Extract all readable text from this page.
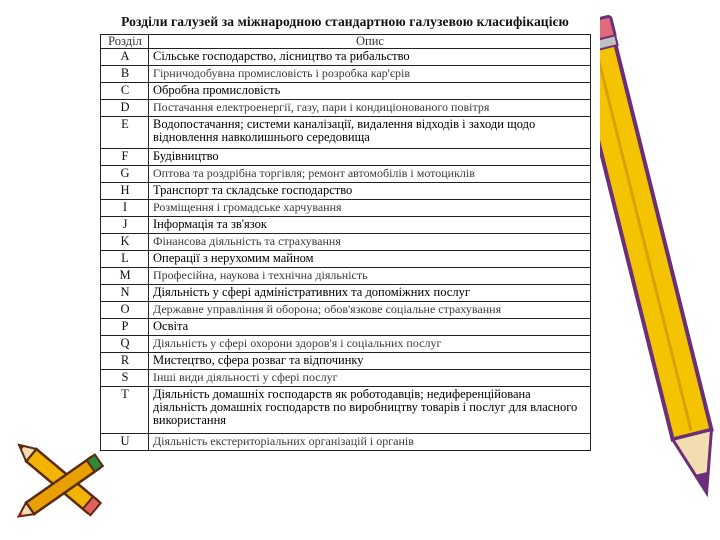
Розділи галузей за міжнародною стандартною галузевою класифікацією
Розділ	Опис
A	Сільське господарство, лісництво та рибальство
B	Гірничодобувна промисловість і розробка кар'єрів
C	Обробна промисловість
D	Постачання електроенергії, газу, пари і кондиціонованого повітря
E	Водопостачання; системи каналізації, видалення відходів і заходи щодо відновлення навколишнього середовища
F	Будівництво
G	Оптова та роздрібна торгівля; ремонт автомобілів і мотоциклів
H	Транспорт та складське господарство
I	Розміщення і громадське харчування
J	Інформація та зв'язок
K	Фінансова діяльність та страхування
L	Операції з нерухомим майном
M	Професійна, наукова і технічна діяльність
N	Діяльність у сфері адміністративних та допоміжних послуг
O	Державне управління й оборона; обов'язкове соціальне страхування
P	Освіта
Q	Діяльність у сфері охорони здоров'я і соціальних послуг
R	Мистецтво, сфера розваг та відпочинку
S	Інші види діяльності у сфері послуг
T	Діяльність домашніх господарств як роботодавців; недиференційована діяльність домашніх господарств по виробництву товарів і послуг для власного використання
U	Діяльність екстериторіальних організацій і органів
